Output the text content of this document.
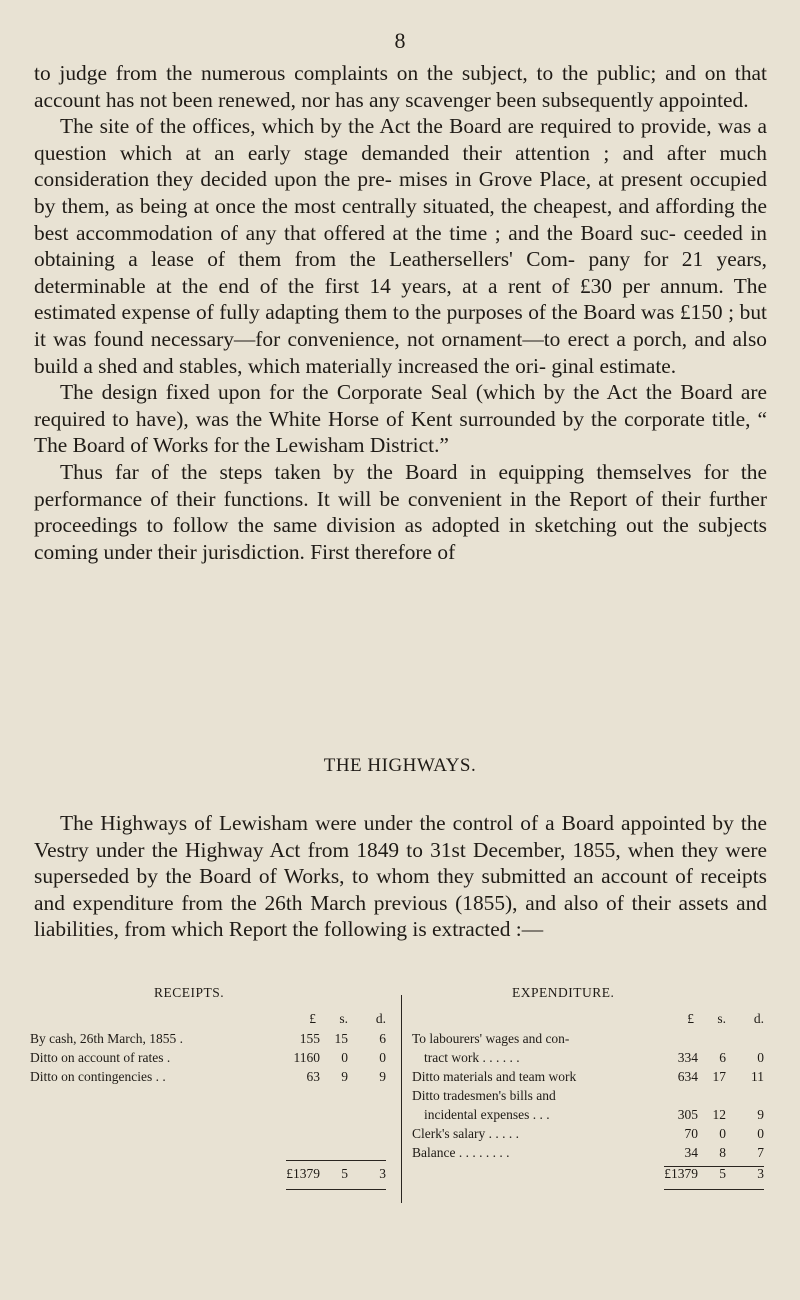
8

to judge from the numerous complaints on the subject, to the public; and on that account has not been renewed, nor has any scavenger been subsequently appointed.

The site of the offices, which by the Act the Board are required to provide, was a question which at an early stage demanded their attention ; and after much consideration they decided upon the pre- mises in Grove Place, at present occupied by them, as being at once the most centrally situated, the cheapest, and affording the best accommodation of any that offered at the time ; and the Board suc- ceeded in obtaining a lease of them from the Leathersellers' Com- pany for 21 years, determinable at the end of the first 14 years, at a rent of £30 per annum. The estimated expense of fully adapting them to the purposes of the Board was £150 ; but it was found necessary—for convenience, not ornament—to erect a porch, and also build a shed and stables, which materially increased the ori- ginal estimate.

The design fixed upon for the Corporate Seal (which by the Act the Board are required to have), was the White Horse of Kent surrounded by the corporate title, “ The Board of Works for the Lewisham District.”

Thus far of the steps taken by the Board in equipping themselves for the performance of their functions. It will be convenient in the Report of their further proceedings to follow the same division as adopted in sketching out the subjects coming under their jurisdiction. First therefore of

THE HIGHWAYS.

The Highways of Lewisham were under the control of a Board appointed by the Vestry under the Highway Act from 1849 to 31st December, 1855, when they were superseded by the Board of Works, to whom they submitted an account of receipts and expenditure from the 26th March previous (1855), and also of their assets and liabilities, from which Report the following is extracted :—

RECEIPTS.
£ s. d.
By cash, 26th March, 1855 .	155 15 6
Ditto on account of rates .	1160 0 0
Ditto on contingencies . .	63 9 9
£1379 5 3
EXPENDITURE.
£ s. d.
To labourers' wages and con-
tract work . . . . . .	334 6 0
Ditto materials and team work	634 17 11
Ditto tradesmen's bills and
incidental expenses . . .	305 12 9
Clerk's salary . . . . .	70 0 0
Balance . . . . . . . .	34 8 7
£1379 5 3
